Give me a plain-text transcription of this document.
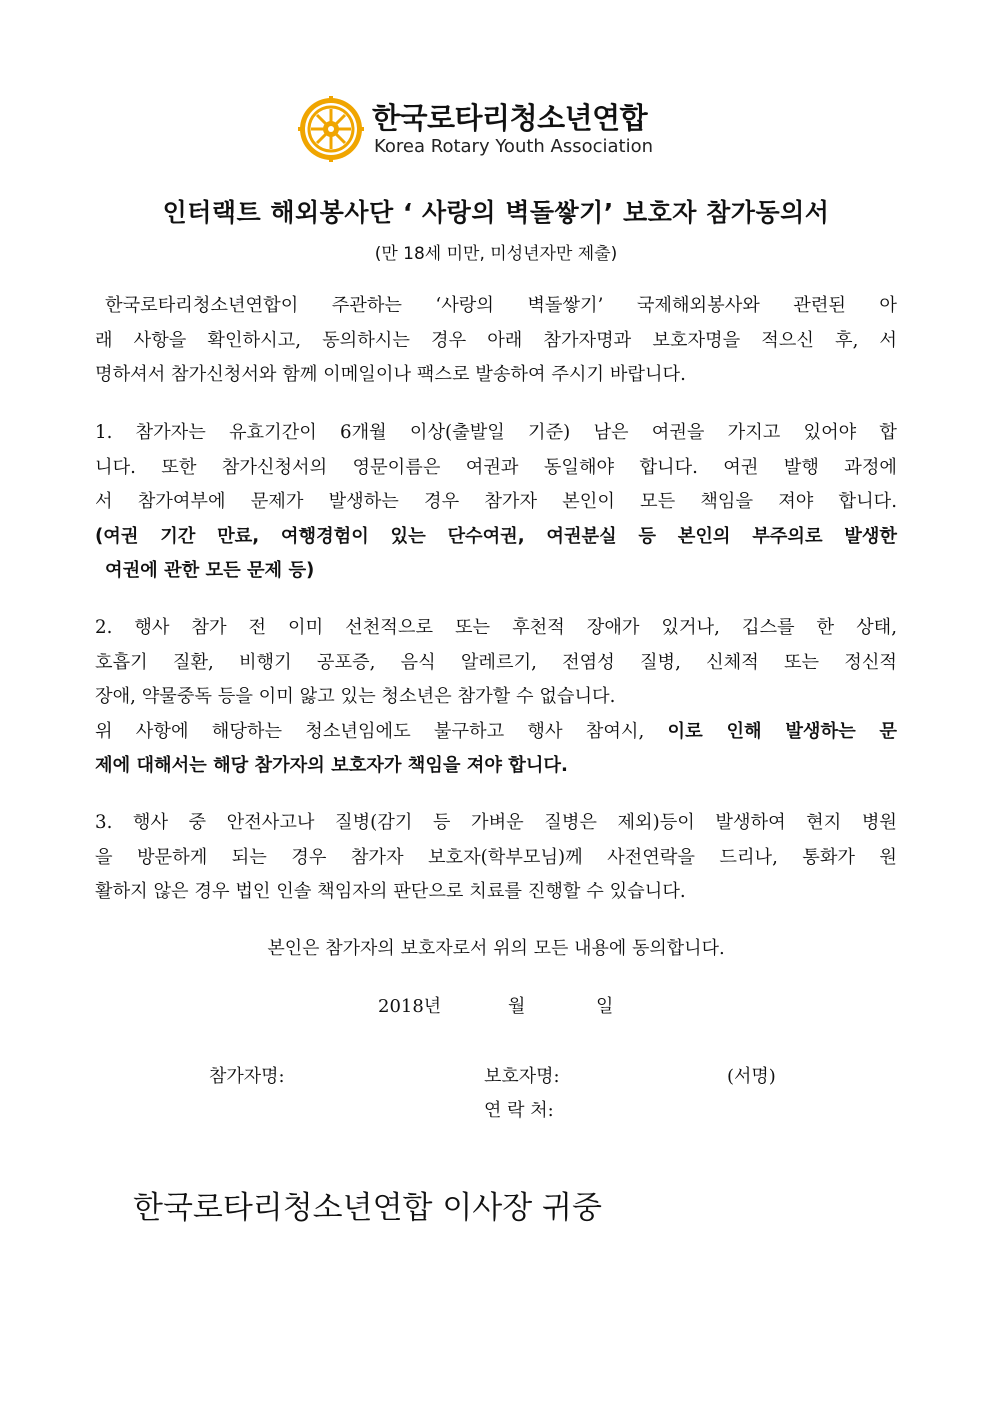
한국로타리청소년연합
Korea Rotary Youth Association
인터랙트 해외봉사단 ‘ 사랑의 벽돌쌓기’ 보호자 참가동의서
(만 18세 미만, 미성년자만 제출)
한국로타리청소년연합이 주관하는 ‘사랑의 벽돌쌓기’ 국제해외봉사와 관련된 아
래 사항을 확인하시고, 동의하시는 경우 아래 참가자명과 보호자명을 적으신 후, 서
명하셔서 참가신청서와 함께 이메일이나 팩스로 발송하여 주시기 바랍니다.
1. 참가자는 유효기간이 6개월 이상(출발일 기준) 남은 여권을 가지고 있어야 합
니다. 또한 참가신청서의 영문이름은 여권과 동일해야 합니다. 여권 발행 과정에
서 참가여부에 문제가 발생하는 경우 참가자 본인이 모든 책임을 져야 합니다.
(여권 기간 만료, 여행경험이 있는 단수여권, 여권분실 등 본인의 부주의로 발생한
여권에 관한 모든 문제 등)
2. 행사 참가 전 이미 선천적으로 또는 후천적 장애가 있거나, 깁스를 한 상태,
호흡기 질환, 비행기 공포증, 음식 알레르기, 전염성 질병, 신체적 또는 정신적
장애, 약물중독 등을 이미 앓고 있는 청소년은 참가할 수 없습니다.
위 사항에 해당하는 청소년임에도 불구하고 행사 참여시, 이로 인해 발생하는 문
제에 대해서는 해당 참가자의 보호자가 책임을 져야 합니다.
3. 행사 중 안전사고나 질병(감기 등 가벼운 질병은 제외)등이 발생하여 현지 병원
을 방문하게 되는 경우 참가자 보호자(학부모님)께 사전연락을 드리나, 통화가 원
활하지 않은 경우 법인 인솔 책임자의 판단으로 치료를 진행할 수 있습니다.
본인은 참가자의 보호자로서 위의 모든 내용에 동의합니다.
2018년	월	일
참가자명:	보호자명:	(서명)
연 락 처:
한국로타리청소년연합 이사장 귀중
